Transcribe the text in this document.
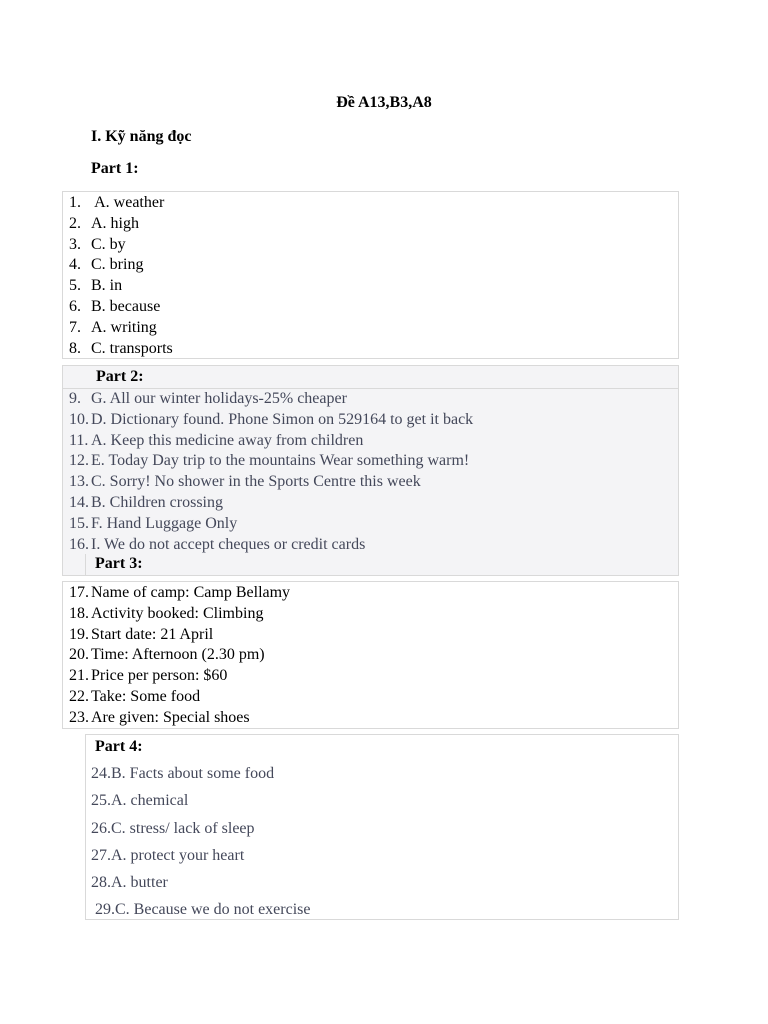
Đề A13,B3,A8
I. Kỹ năng đọc
Part 1:
1. A. weather
2. A. high
3. C. by
4. C. bring
5. B. in
6. B. because
7. A. writing
8. C. transports
Part 2:
9. G. All our winter holidays-25% cheaper
10. D. Dictionary found. Phone Simon on 529164 to get it back
11. A. Keep this medicine away from children
12. E. Today Day trip to the mountains Wear something warm!
13. C. Sorry! No shower in the Sports Centre this week
14. B. Children crossing
15. F. Hand Luggage Only
16. I. We do not accept cheques or credit cards
Part 3:
17. Name of camp: Camp Bellamy
18. Activity booked: Climbing
19. Start date: 21 April
20. Time: Afternoon (2.30 pm)
21. Price per person: $60
22. Take: Some food
23. Are given: Special shoes
Part 4:
24.B. Facts about some food
25.A. chemical
26.C. stress/ lack of sleep
27.A. protect your heart
28.A. butter
29.C. Because we do not exercise
